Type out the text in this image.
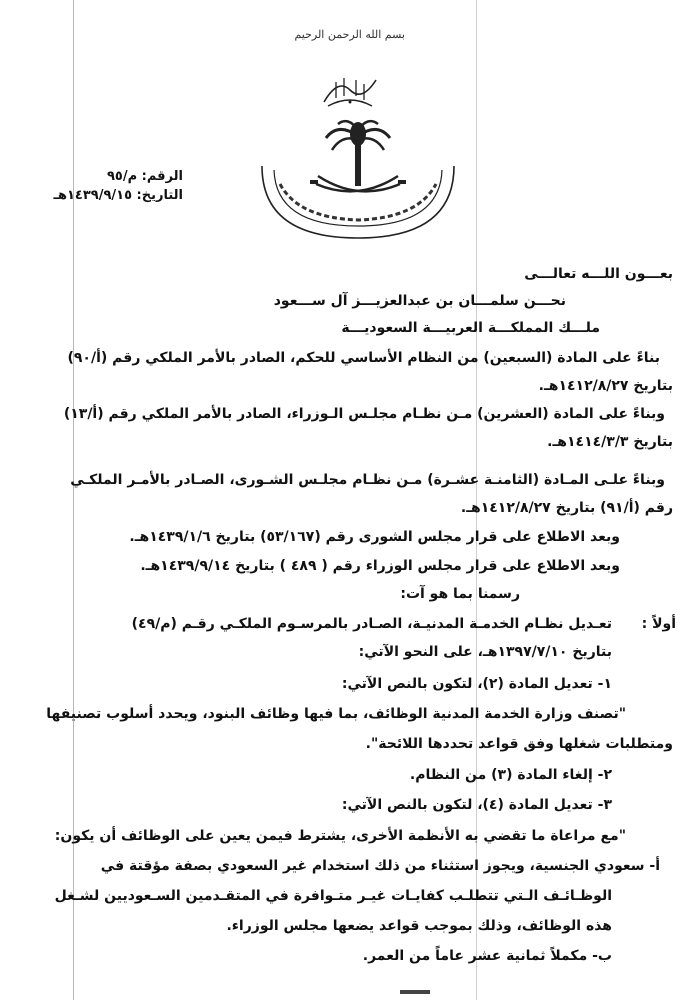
بسم الله الرحمن الرحيم
الرقم: م/٩٥
التاريخ: ١٤٣٩/٩/١٥هـ
بعـــون اللـــه تعالـــى
نحـــن سلمـــان بن عبدالعزيـــز آل ســـعود
ملـــك المملكـــة العربيـــة السعوديـــة
بناءً على المادة (السبعين) من النظام الأساسي للحكم، الصادر بالأمر الملكي رقم (أ/٩٠)
بتاريخ ١٤١٢/٨/٢٧هـ.
وبناءً على المادة (العشرين) مـن نظـام مجلـس الـوزراء، الصادر بالأمر الملكي رقم (أ/١٣)
بتاريخ ١٤١٤/٣/٣هـ.
وبناءً علـى المـادة (الثامنـة عشـرة) مـن نظـام مجلـس الشـورى، الصـادر بالأمـر الملكـي
رقم (أ/٩١) بتاريخ ١٤١٢/٨/٢٧هـ.
وبعد الاطلاع على قرار مجلس الشورى رقم (٥٣/١٦٧) بتاريخ ١٤٣٩/١/٦هـ.
وبعد الاطلاع على قرار مجلس الوزراء رقم ( ٤٨٩ ) بتاريخ ١٤٣٩/٩/١٤هـ.
رسمنا بما هو آت:
أولاً :
تعـديل نظـام الخدمـة المدنيـة، الصـادر بالمرسـوم الملكـي رقـم (م/٤٩)
بتاريخ ١٣٩٧/٧/١٠هـ، على النحو الآتي:
١- تعديل المادة (٢)، لتكون بالنص الآتي:
"تصنف وزارة الخدمة المدنية الوظائف، بما فيها وظائف البنود، ويحدد أسلوب تصنيفها
ومتطلبات شغلها وفق قواعد تحددها اللائحة".
٢- إلغاء المادة (٣) من النظام.
٣- تعديل المادة (٤)، لتكون بالنص الآتي:
"مع مراعاة ما تقضي به الأنظمة الأخرى، يشترط فيمن يعين على الوظائف أن يكون:
أ- سعودي الجنسية، ويجوز استثناء من ذلك استخدام غير السعودي بصفة مؤقتة في
الوظـائـف الـتي تتطلـب كفايـات غيـر متـوافرة في المتقـدمين السـعوديين لشـغل
هذه الوظائف، وذلك بموجب قواعد يضعها مجلس الوزراء.
ب- مكملاً ثمانية عشر عاماً من العمر.
